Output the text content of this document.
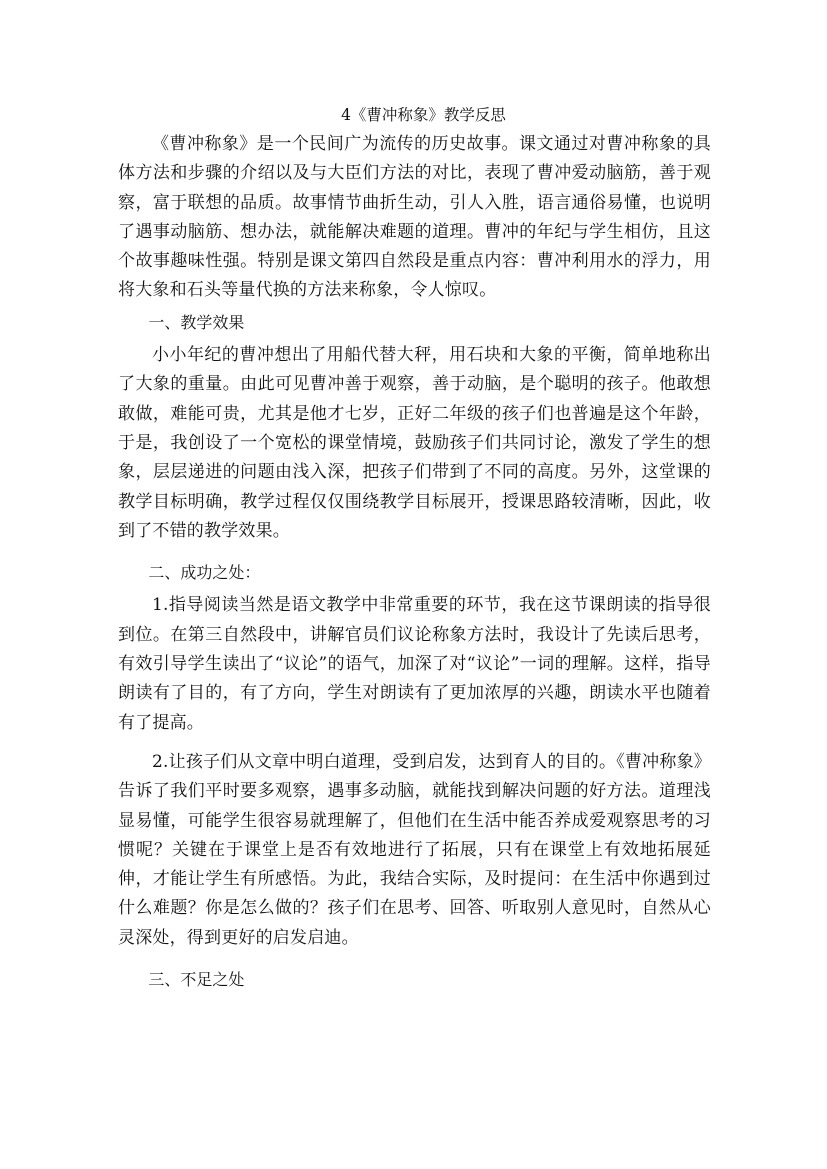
4《曹冲称象》教学反思

《曹冲称象》是一个民间广为流传的历史故事。课文通过对曹冲称象的具体方法和步骤的介绍以及与大臣们方法的对比，表现了曹冲爱动脑筋，善于观察，富于联想的品质。故事情节曲折生动，引人入胜，语言通俗易懂，也说明了遇事动脑筋、想办法，就能解决难题的道理。曹冲的年纪与学生相仿，且这个故事趣味性强。特别是课文第四自然段是重点内容：曹冲利用水的浮力，用将大象和石头等量代换的方法来称象，令人惊叹。

一、教学效果

小小年纪的曹冲想出了用船代替大秤，用石块和大象的平衡，简单地称出了大象的重量。由此可见曹冲善于观察，善于动脑，是个聪明的孩子。他敢想敢做，难能可贵，尤其是他才七岁，正好二年级的孩子们也普遍是这个年龄，于是，我创设了一个宽松的课堂情境，鼓励孩子们共同讨论，激发了学生的想象，层层递进的问题由浅入深，把孩子们带到了不同的高度。另外，这堂课的教学目标明确，教学过程仅仅围绕教学目标展开，授课思路较清晰，因此，收到了不错的教学效果。

二、成功之处：

1.指导阅读当然是语文教学中非常重要的环节，我在这节课朗读的指导很到位。在第三自然段中，讲解官员们议论称象方法时，我设计了先读后思考，有效引导学生读出了“议论”的语气，加深了对“议论”一词的理解。这样，指导朗读有了目的，有了方向，学生对朗读有了更加浓厚的兴趣，朗读水平也随着有了提高。

2.让孩子们从文章中明白道理，受到启发，达到育人的目的。《曹冲称象》告诉了我们平时要多观察，遇事多动脑，就能找到解决问题的好方法。道理浅显易懂，可能学生很容易就理解了，但他们在生活中能否养成爱观察思考的习惯呢？关键在于课堂上是否有效地进行了拓展，只有在课堂上有效地拓展延伸，才能让学生有所感悟。为此，我结合实际，及时提问：在生活中你遇到过什么难题？你是怎么做的？孩子们在思考、回答、听取别人意见时，自然从心灵深处，得到更好的启发启迪。

三、不足之处
